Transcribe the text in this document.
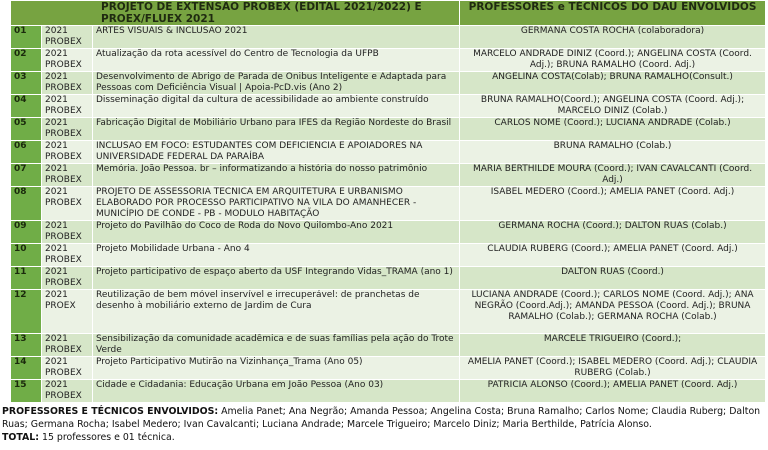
PROJETO DE EXTENSÃO PROBEX (EDITAL 2021/2022) E PROEX/FLUEX 2021			PROFESSORES e TÉCNICOS DO DAU ENVOLVIDOS
01	2021 PROBEX	ARTES VISUAIS & INCLUSÃO 2021	GERMANA COSTA ROCHA (colaboradora)
02	2021 PROBEX	Atualização da rota acessível do Centro de Tecnologia da UFPB	MARCELO ANDRADE DINIZ (Coord.); ANGELINA COSTA (Coord. Adj.); BRUNA RAMALHO (Coord. Adj.)
03	2021 PROBEX	Desenvolvimento de Abrigo de Parada de Ônibus Inteligente e Adaptada para Pessoas com Deficiência Visual | Apoia-PcD.vis (Ano 2)	ANGELINA COSTA(Colab); BRUNA RAMALHO(Consult.)
04	2021 PROBEX	Disseminação digital da cultura de acessibilidade ao ambiente construído	BRUNA RAMALHO(Coord.); ANGELINA COSTA (Coord. Adj.); MARCELO DINIZ (Colab.)
05	2021 PROBEX	Fabricação Digital de Mobiliário Urbano para IFES da Região Nordeste do Brasil	CARLOS NOME (Coord.); LUCIANA ANDRADE (Colab.)
06	2021 PROBEX	INCLUSÃO EM FOCO: ESTUDANTES COM DEFICIÊNCIA E APOIADORES NA UNIVERSIDADE FEDERAL DA PARAÍBA	BRUNA RAMALHO (Colab.)
07	2021 PROBEX	Memória. João Pessoa. br – informatizando a história do nosso patrimônio	MARIA BERTHILDE MOURA (Coord.); IVAN CAVALCANTI (Coord. Adj.)
08	2021 PROBEX	PROJETO DE ASSESSORIA TÉCNICA EM ARQUITETURA E URBANISMO ELABORADO POR PROCESSO PARTICIPATIVO NA VILA DO AMANHECER - MUNICÍPIO DE CONDE - PB - MODULO HABITAÇÃO	ISABEL MEDERO (Coord.); AMÉLIA PANET (Coord. Adj.)
09	2021 PROBEX	Projeto do Pavilhão do Coco de Roda do Novo Quilombo-Ano 2021	GERMANA ROCHA (Coord.); DALTON RUAS (Colab.)
10	2021 PROBEX	Projeto Mobilidade Urbana - Ano 4	CLAUDIA RUBERG (Coord.); AMELIA PANET (Coord. Adj.)
11	2021 PROBEX	Projeto participativo de espaço aberto da USF Integrando Vidas_TRAMA (ano 1)	DALTON RUAS (Coord.)
12	2021 PROEX	Reutilização de bem móvel inservível e irrecuperável: de pranchetas de desenho à mobiliário externo de Jardim de Cura	LUCIANA ANDRADE (Coord.); CARLOS NOME (Coord. Adj.); ANA NEGRÃO (Coord.Adj.); AMANDA PESSOA (Coord. Adj.); BRUNA RAMALHO (Colab.); GERMANA ROCHA (Colab.)
13	2021 PROBEX	Sensibilização da comunidade acadêmica e de suas famílias pela ação do Trote Verde	MARCELE TRIGUEIRO (Coord.);
14	2021 PROBEX	Projeto Participativo Mutirão na Vizinhança_Trama (Ano 05)	AMELIA PANET (Coord.); ISABEL MEDERO (Coord. Adj.); CLAUDIA RUBERG (Colab.)
15	2021 PROBEX	Cidade e Cidadania: Educação Urbana em João Pessoa (Ano 03)	PATRÍCIA ALONSO (Coord.); AMELIA PANET (Coord. Adj.)
PROFESSORES E TÉCNICOS ENVOLVIDOS: Amelia Panet; Ana Negrão; Amanda Pessoa; Angelina Costa; Bruna Ramalho; Carlos Nome; Claudia Ruberg; Dalton Ruas; Germana Rocha; Isabel Medero; Ivan Cavalcanti; Luciana Andrade; Marcele Trigueiro; Marcelo Diniz; Maria Berthilde, Patrícia Alonso.
TOTAL: 15 professores e 01 técnica.
